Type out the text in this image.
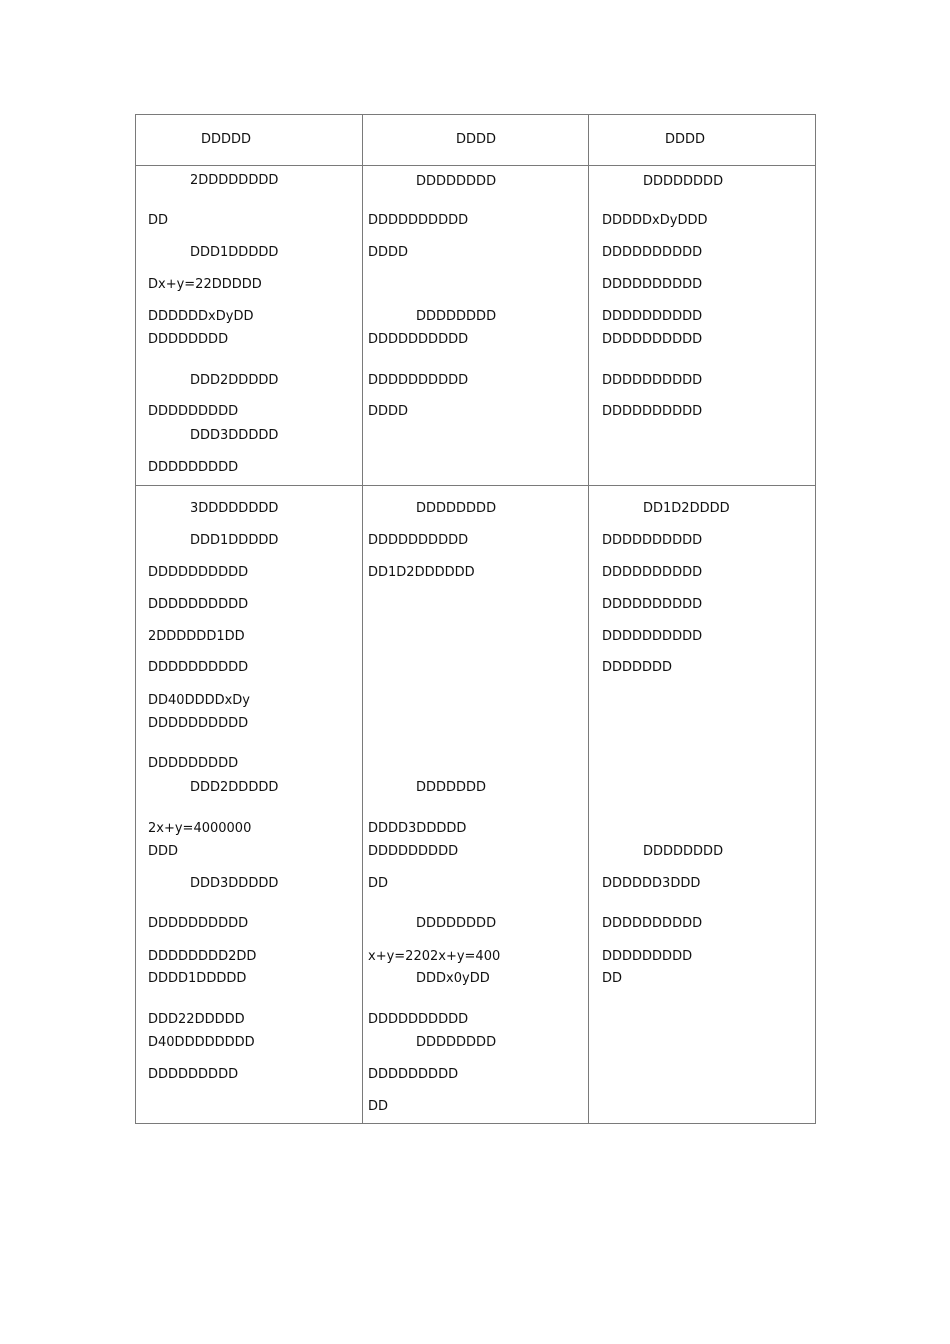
DDDDD	DDDD	DDDD
2DDDDDDDD
DD
DDD1DDDDD
Dx+y=22DDDDD
DDDDDDxDyDD
DDDDDDDD
DDD2DDDDD
DDDDDDDDD
DDD3DDDDD
DDDDDDDDD
DDDDDDDD
DDDDDDDDDD
DDDD
DDDDDDDD
DDDDDDDDDD
DDDDDDDDDD
DDDD
DDDDDDDD
DDDDDxDyDDD
DDDDDDDDDD
DDDDDDDDDD
DDDDDDDDDD
DDDDDDDDDD
DDDDDDDDDD
DDDDDDDDDD
3DDDDDDDD
DDD1DDDDD
DDDDDDDDDD
DDDDDDDDDD
2DDDDDD1DD
DDDDDDDDDD
DD40DDDDxDy
DDDDDDDDDD
DDDDDDDDD
DDD2DDDDD
2x+y=4000000
DDD
DDD3DDDDD
DDDDDDDDDD
DDDDDDDD2DD
DDDD1DDDDD
DDD22DDDDD
D40DDDDDDDD
DDDDDDDDD
DDDDDDDD
DDDDDDDDDD
DD1D2DDDDDD
DDDDDDD
DDDD3DDDDD
DDDDDDDDD
DD
DDDDDDDD
x+y=2202x+y=400
DDDx0yDD
DDDDDDDDDD
DDDDDDDD
DDDDDDDDD
DD
DD1D2DDDD
DDDDDDDDDD
DDDDDDDDDD
DDDDDDDDDD
DDDDDDDDDD
DDDDDDD
DDDDDDDD
DDDDDD3DDD
DDDDDDDDDD
DDDDDDDDD
DD
